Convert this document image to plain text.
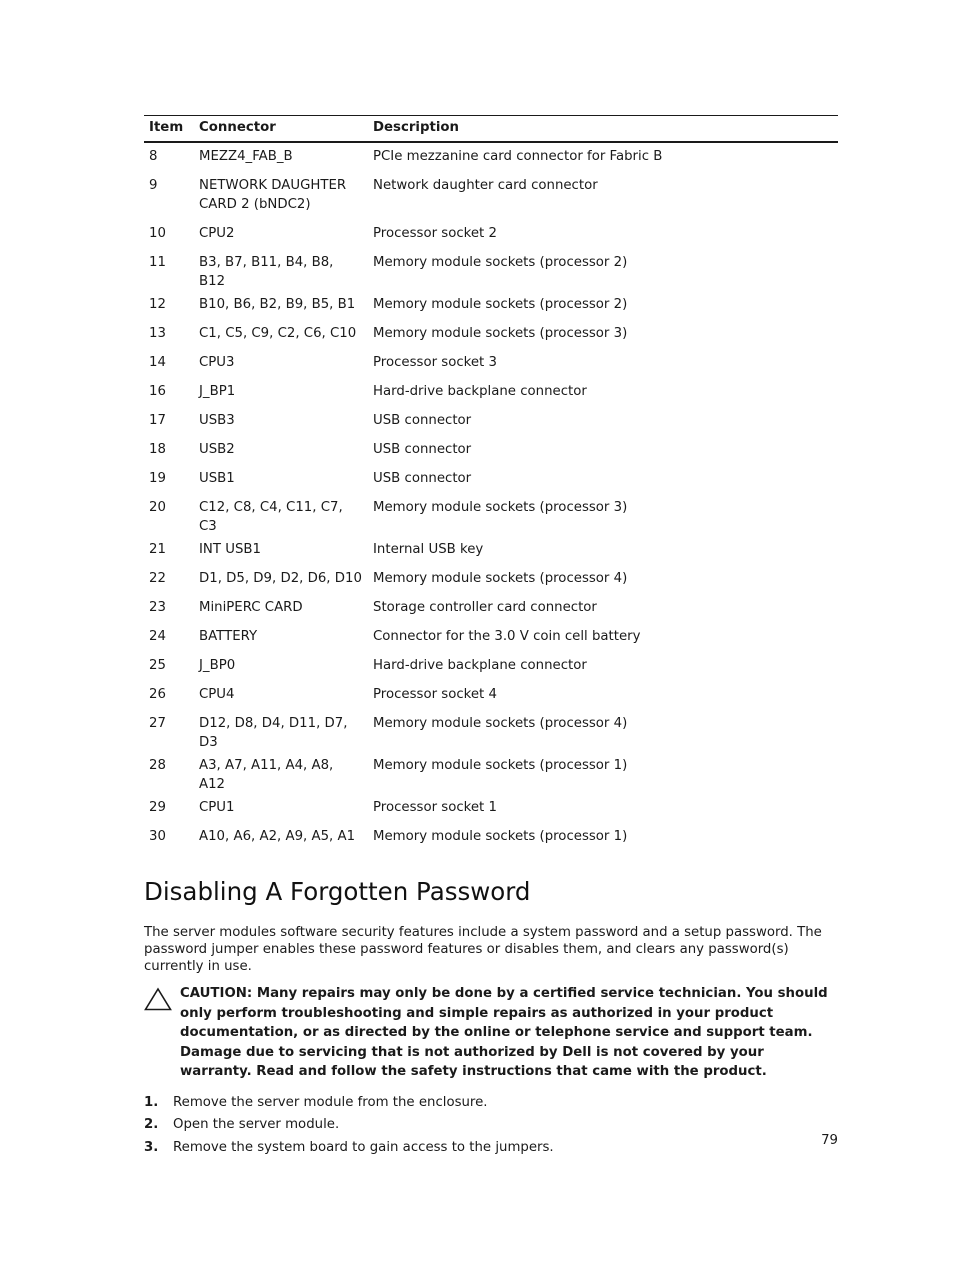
Item	Connector	Description
8	MEZZ4_FAB_B	PCIe mezzanine card connector for Fabric B
9	NETWORK DAUGHTER CARD 2 (bNDC2)	Network daughter card connector
10	CPU2	Processor socket 2
11	B3, B7, B11, B4, B8, B12	Memory module sockets (processor 2)
12	B10, B6, B2, B9, B5, B1	Memory module sockets (processor 2)
13	C1, C5, C9, C2, C6, C10	Memory module sockets (processor 3)
14	CPU3	Processor socket 3
16	J_BP1	Hard-drive backplane connector
17	USB3	USB connector
18	USB2	USB connector
19	USB1	USB connector
20	C12, C8, C4, C11, C7, C3	Memory module sockets (processor 3)
21	INT USB1	Internal USB key
22	D1, D5, D9, D2, D6, D10	Memory module sockets (processor 4)
23	MiniPERC CARD	Storage controller card connector
24	BATTERY	Connector for the 3.0 V coin cell battery
25	J_BP0	Hard-drive backplane connector
26	CPU4	Processor socket 4
27	D12, D8, D4, D11, D7, D3	Memory module sockets (processor 4)
28	A3, A7, A11, A4, A8, A12	Memory module sockets (processor 1)
29	CPU1	Processor socket 1
30	A10, A6, A2, A9, A5, A1	Memory module sockets (processor 1)
Disabling A Forgotten Password

The server modules software security features include a system password and a setup password. The password jumper enables these password features or disables them, and clears any password(s) currently in use.

CAUTION: Many repairs may only be done by a certified service technician. You should only perform troubleshooting and simple repairs as authorized in your product documentation, or as directed by the online or telephone service and support team. Damage due to servicing that is not authorized by Dell is not covered by your warranty. Read and follow the safety instructions that came with the product.
1. Remove the server module from the enclosure.
2. Open the server module.
3. Remove the system board to gain access to the jumpers.	79
